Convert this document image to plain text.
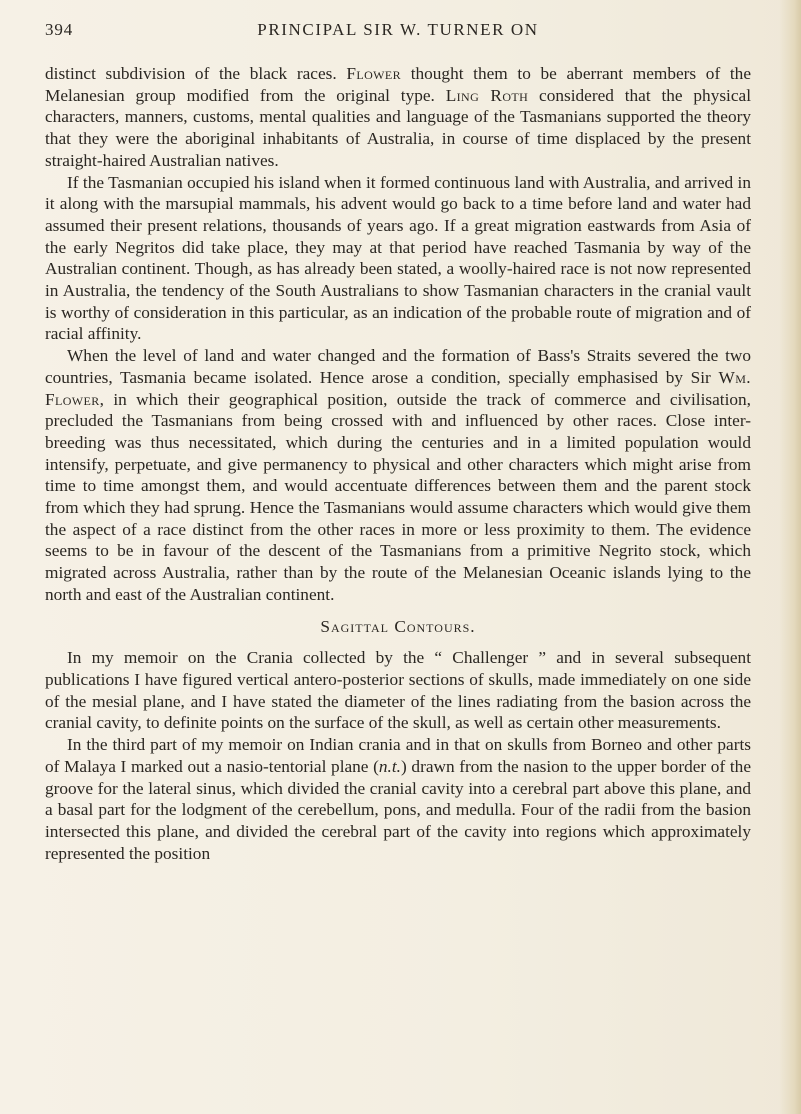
394	PRINCIPAL SIR W. TURNER ON

distinct subdivision of the black races. Flower thought them to be aberrant members of the Melanesian group modified from the original type. Ling Roth considered that the physical characters, manners, customs, mental qualities and language of the Tasmanians supported the theory that they were the aboriginal inhabitants of Australia, in course of time displaced by the present straight-haired Australian natives.

If the Tasmanian occupied his island when it formed continuous land with Australia, and arrived in it along with the marsupial mammals, his advent would go back to a time before land and water had assumed their present relations, thousands of years ago. If a great migration eastwards from Asia of the early Negritos did take place, they may at that period have reached Tasmania by way of the Australian continent. Though, as has already been stated, a woolly-haired race is not now represented in Australia, the tendency of the South Australians to show Tasmanian characters in the cranial vault is worthy of consideration in this particular, as an indication of the probable route of migration and of racial affinity.

When the level of land and water changed and the formation of Bass's Straits severed the two countries, Tasmania became isolated. Hence arose a condition, specially emphasised by Sir Wm. Flower, in which their geographical position, outside the track of commerce and civilisation, precluded the Tasmanians from being crossed with and influenced by other races. Close inter-breeding was thus necessitated, which during the centuries and in a limited population would intensify, perpetuate, and give permanency to physical and other characters which might arise from time to time amongst them, and would accentuate differences between them and the parent stock from which they had sprung. Hence the Tasmanians would assume characters which would give them the aspect of a race distinct from the other races in more or less proximity to them. The evidence seems to be in favour of the descent of the Tasmanians from a primitive Negrito stock, which migrated across Australia, rather than by the route of the Melanesian Oceanic islands lying to the north and east of the Australian continent.

Sagittal Contours.

In my memoir on the Crania collected by the “ Challenger ” and in several subsequent publications I have figured vertical antero-posterior sections of skulls, made immediately on one side of the mesial plane, and I have stated the diameter of the lines radiating from the basion across the cranial cavity, to definite points on the surface of the skull, as well as certain other measurements.

In the third part of my memoir on Indian crania and in that on skulls from Borneo and other parts of Malaya I marked out a nasio-tentorial plane (n.t.) drawn from the nasion to the upper border of the groove for the lateral sinus, which divided the cranial cavity into a cerebral part above this plane, and a basal part for the lodgment of the cerebellum, pons, and medulla. Four of the radii from the basion intersected this plane, and divided the cerebral part of the cavity into regions which approximately represented the position
